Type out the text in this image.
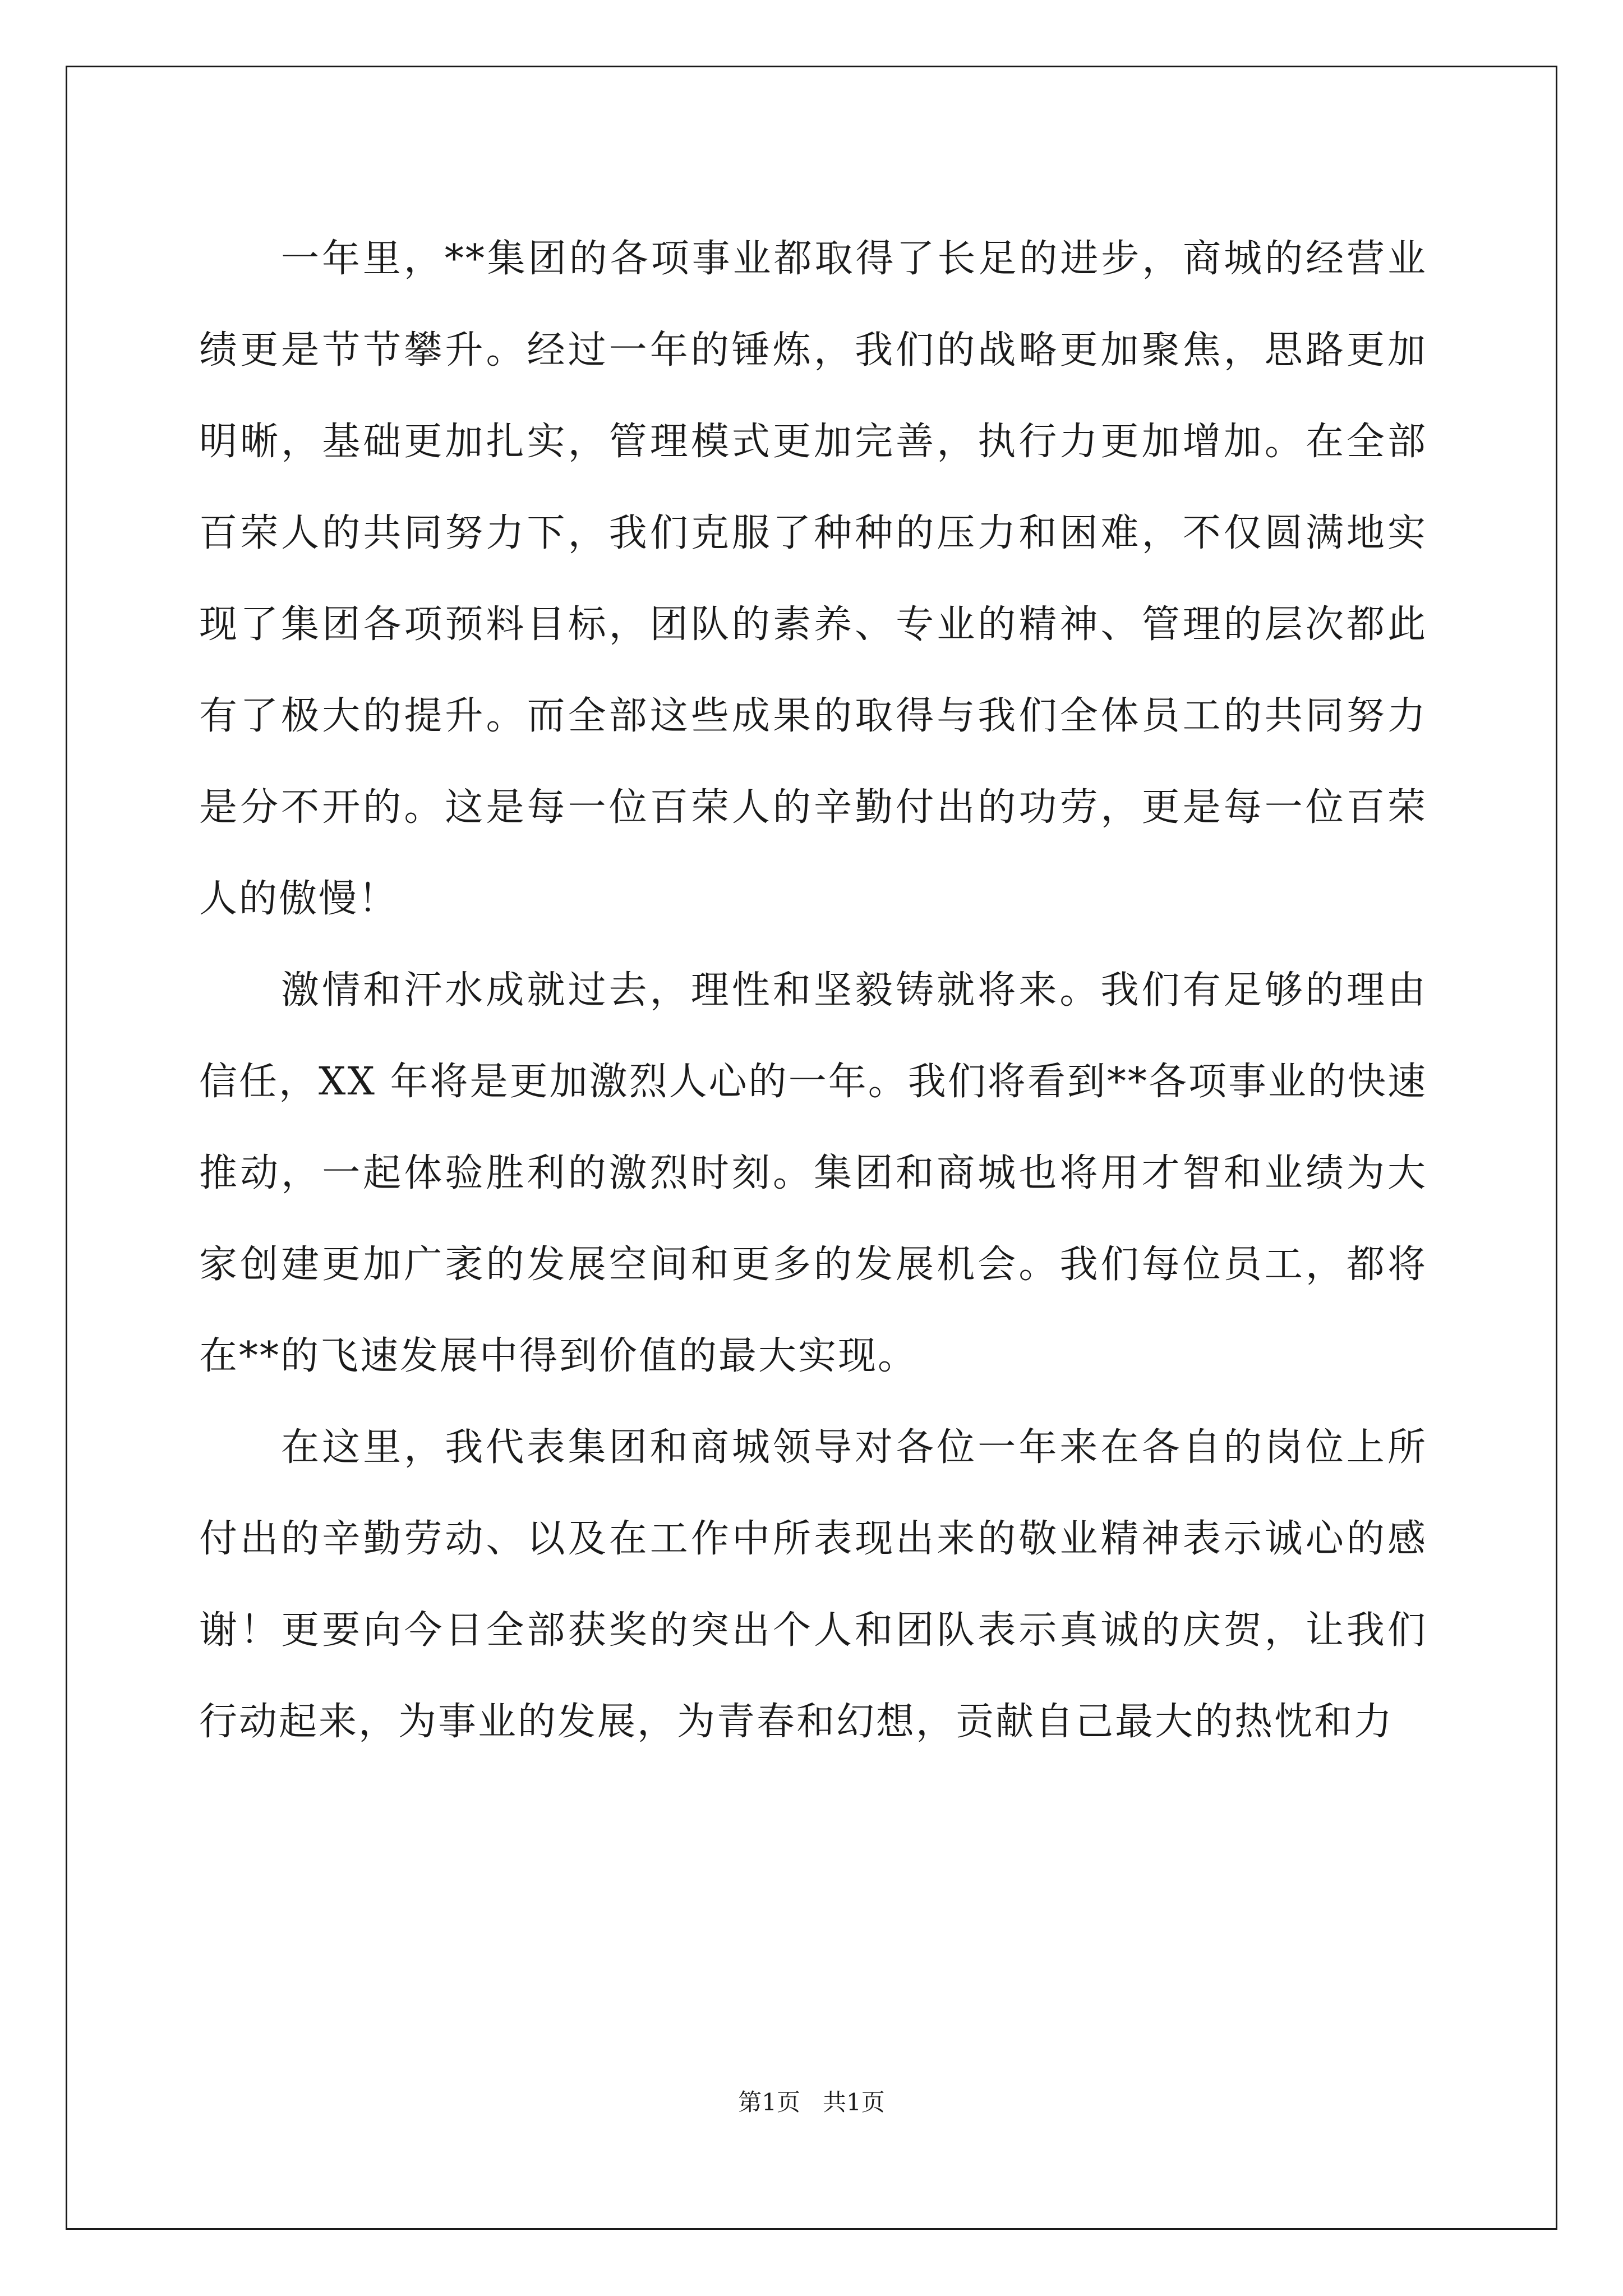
一年里，**集团的各项事业都取得了长足的进步，商城的经营业绩更是节节攀升。经过一年的锤炼，我们的战略更加聚焦，思路更加明晰，基础更加扎实，管理模式更加完善，执行力更加增加。在全部百荣人的共同努力下，我们克服了种种的压力和困难，不仅圆满地实现了集团各项预料目标，团队的素养、专业的精神、管理的层次都此有了极大的提升。而全部这些成果的取得与我们全体员工的共同努力是分不开的。这是每一位百荣人的辛勤付出的功劳，更是每一位百荣人的傲慢！

激情和汗水成就过去，理性和坚毅铸就将来。我们有足够的理由信任，XX 年将是更加激烈人心的一年。我们将看到**各项事业的快速推动，一起体验胜利的激烈时刻。集团和商城也将用才智和业绩为大家创建更加广袤的发展空间和更多的发展机会。我们每位员工，都将在**的飞速发展中得到价值的最大实现。

在这里，我代表集团和商城领导对各位一年来在各自的岗位上所付出的辛勤劳动、以及在工作中所表现出来的敬业精神表示诚心的感谢！更要向今日全部获奖的突出个人和团队表示真诚的庆贺，让我们行动起来，为事业的发展，为青春和幻想，贡献自己最大的热忱和力

第1页   共1页
